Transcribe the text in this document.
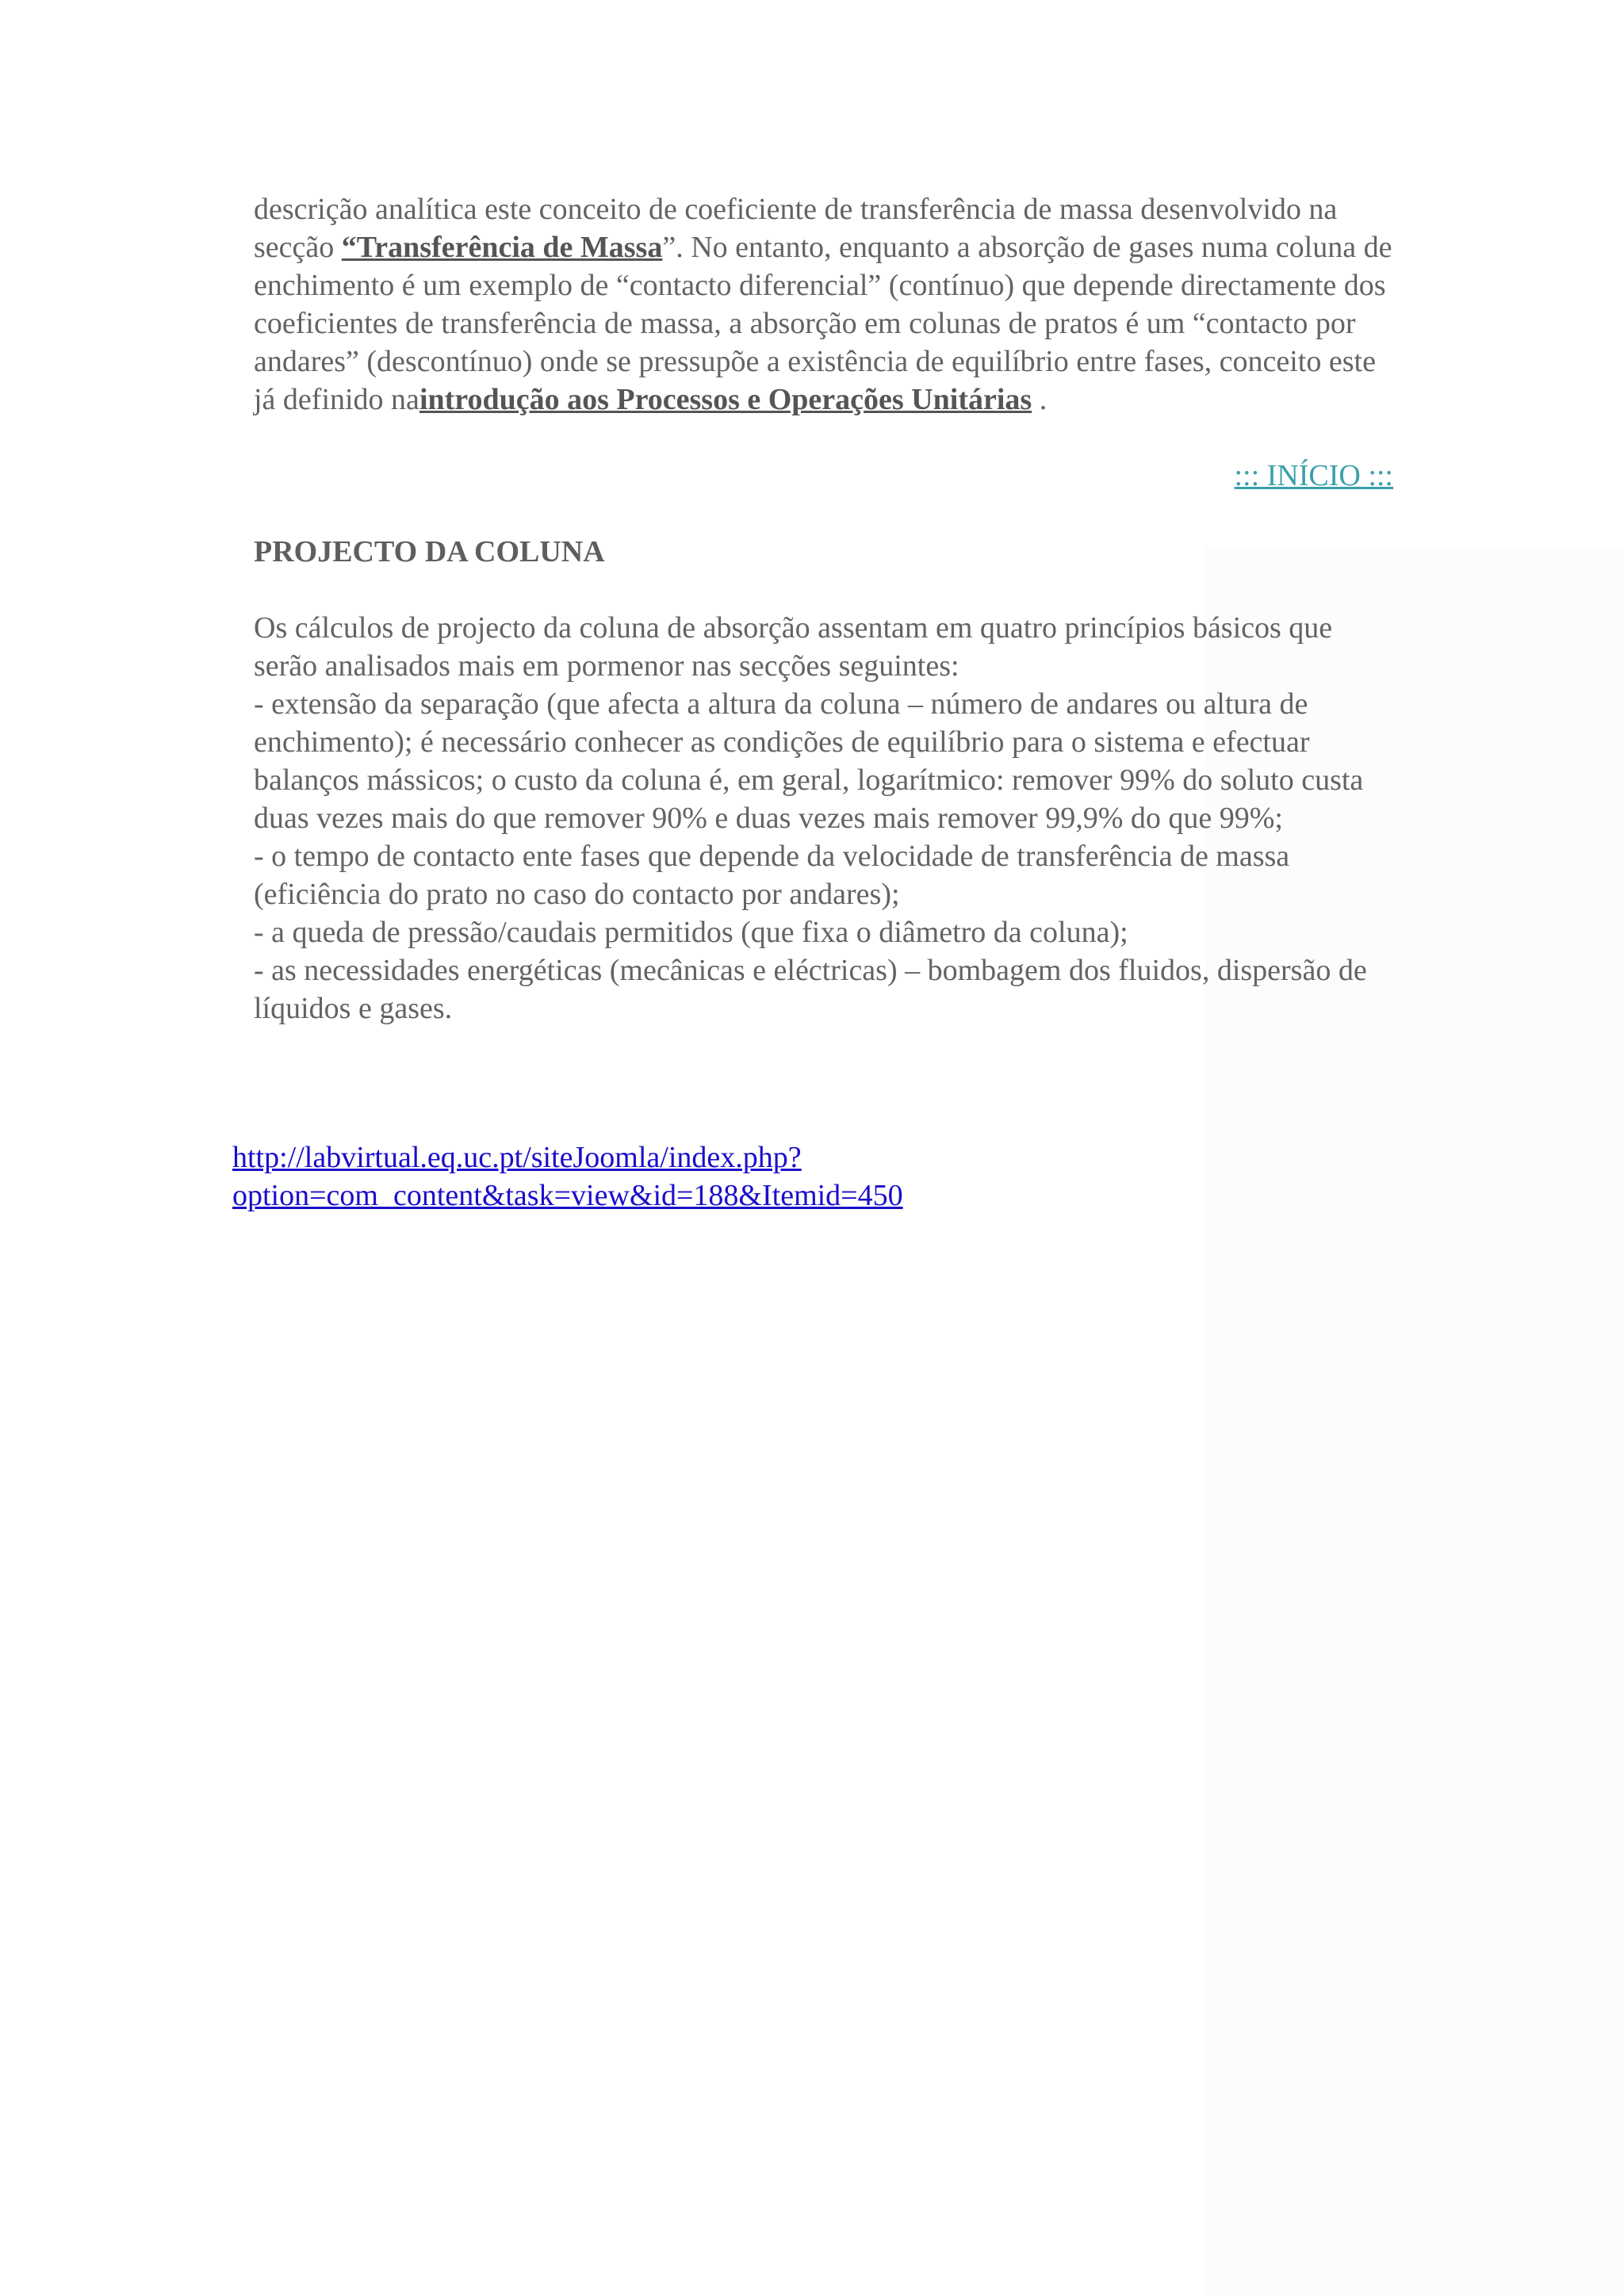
descrição analítica este conceito de coeficiente de transferência de massa desenvolvido na secção “Transferência de Massa”. No entanto, enquanto a absorção de gases numa coluna de enchimento é um exemplo de “contacto diferencial” (contínuo) que depende directamente dos coeficientes de transferência de massa, a absorção em colunas de pratos é um “contacto por andares” (descontínuo) onde se pressupõe a existência de equilíbrio entre fases, conceito este já definido naintrodução aos Processos e Operações Unitárias .

::: INÍCIO :::

PROJECTO DA COLUNA

Os cálculos de projecto da coluna de absorção assentam em quatro princípios básicos que serão analisados mais em pormenor nas secções seguintes:

- extensão da separação (que afecta a altura da coluna – número de andares ou altura de enchimento); é necessário conhecer as condições de equilíbrio para o sistema e efectuar balanços mássicos; o custo da coluna é, em geral, logarítmico: remover 99% do soluto custa duas vezes mais do que remover 90% e duas vezes mais remover 99,9% do que 99%;

- o tempo de contacto ente fases que depende da velocidade de transferência de massa (eficiência do prato no caso do contacto por andares);

- a queda de pressão/caudais permitidos (que fixa o diâmetro da coluna);

- as necessidades energéticas (mecânicas e eléctricas) – bombagem dos fluidos, dispersão de líquidos e gases.

http://labvirtual.eq.uc.pt/siteJoomla/index.php?option=com_content&task=view&id=188&Itemid=450
